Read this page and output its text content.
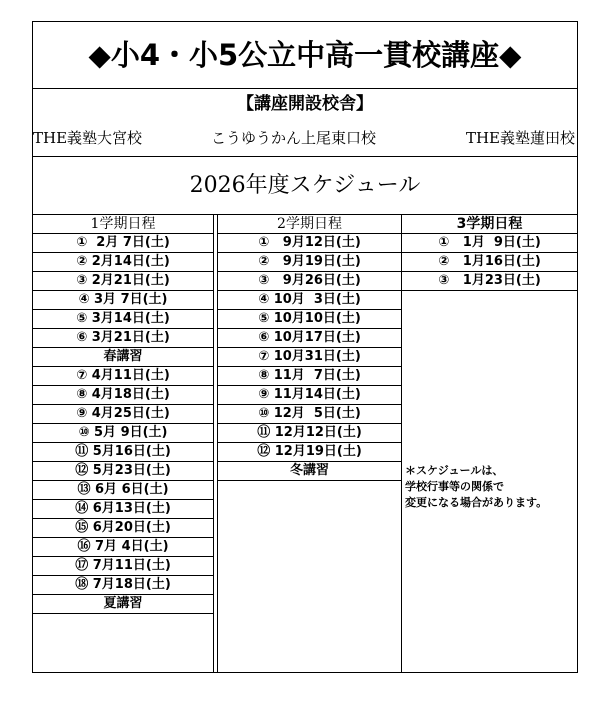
◆小4・小5公立中高一貫校講座◆
【講座開設校舎】
THE義塾大宮校	こうゆうかん上尾東口校	THE義塾蓮田校
2026年度スケジュール
1学期日程
①  2月 7日(土)
② 2月14日(土)
③ 2月21日(土)
④ 3月 7日(土)
⑤ 3月14日(土)
⑥ 3月21日(土)
春講習
⑦ 4月11日(土)
⑧ 4月18日(土)
⑨ 4月25日(土)
⑩ 5月 9日(土)
⑪ 5月16日(土)
⑫ 5月23日(土)
⑬ 6月 6日(土)
⑭ 6月13日(土)
⑮ 6月20日(土)
⑯ 7月 4日(土)
⑰ 7月11日(土)
⑱ 7月18日(土)
夏講習
2学期日程
①   9月12日(土)
②   9月19日(土)
③   9月26日(土)
④ 10月  3日(土)
⑤ 10月10日(土)
⑥ 10月17日(土)
⑦ 10月31日(土)
⑧ 11月  7日(土)
⑨ 11月14日(土)
⑩ 12月  5日(土)
⑪ 12月12日(土)
⑫ 12月19日(土)
冬講習
3学期日程
①   1月  9日(土)
②   1月16日(土)
③   1月23日(土)
＊スケジュールは、
学校行事等の関係で
変更になる場合があります。
